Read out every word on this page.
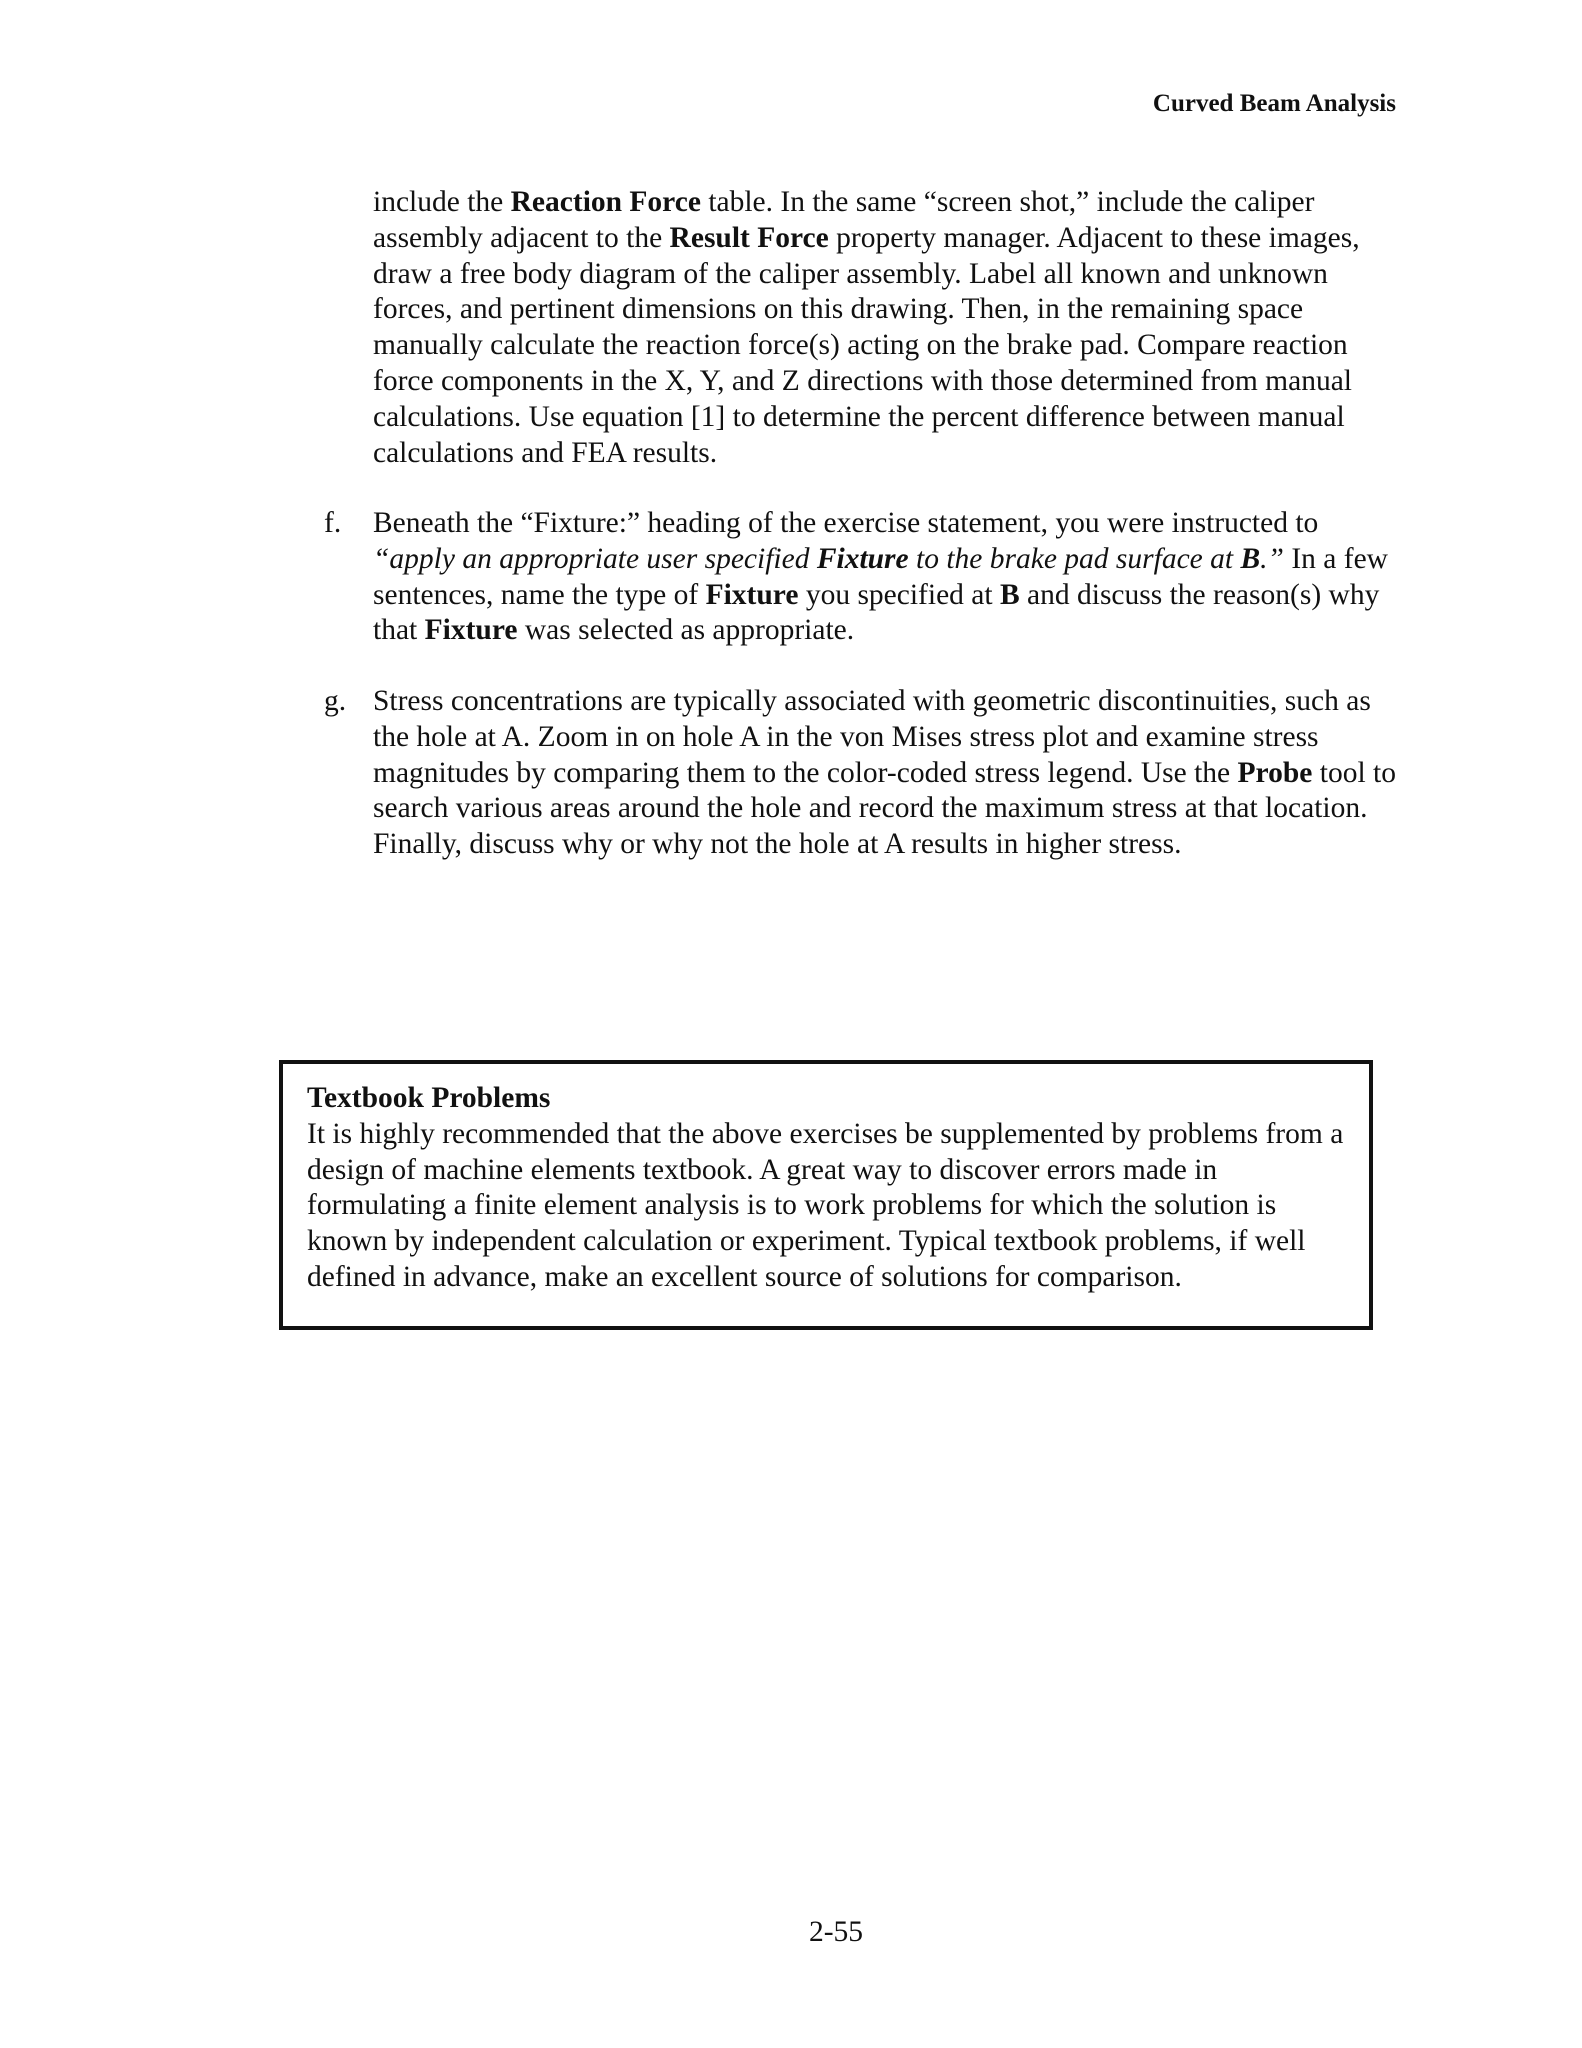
Curved Beam Analysis

include the Reaction Force table. In the same “screen shot,” include the caliper assembly adjacent to the Result Force property manager. Adjacent to these images, draw a free body diagram of the caliper assembly. Label all known and unknown forces, and pertinent dimensions on this drawing. Then, in the remaining space manually calculate the reaction force(s) acting on the brake pad. Compare reaction force components in the X, Y, and Z directions with those determined from manual calculations. Use equation [1] to determine the percent difference between manual calculations and FEA results.

f. Beneath the “Fixture:” heading of the exercise statement, you were instructed to “apply an appropriate user specified Fixture to the brake pad surface at B.” In a few sentences, name the type of Fixture you specified at B and discuss the reason(s) why that Fixture was selected as appropriate.
g. Stress concentrations are typically associated with geometric discontinuities, such as the hole at A. Zoom in on hole A in the von Mises stress plot and examine stress magnitudes by comparing them to the color-coded stress legend. Use the Probe tool to search various areas around the hole and record the maximum stress at that location. Finally, discuss why or why not the hole at A results in higher stress.
Textbook Problems
It is highly recommended that the above exercises be supplemented by problems from a design of machine elements textbook. A great way to discover errors made in formulating a finite element analysis is to work problems for which the solution is known by independent calculation or experiment. Typical textbook problems, if well defined in advance, make an excellent source of solutions for comparison.

2-55
